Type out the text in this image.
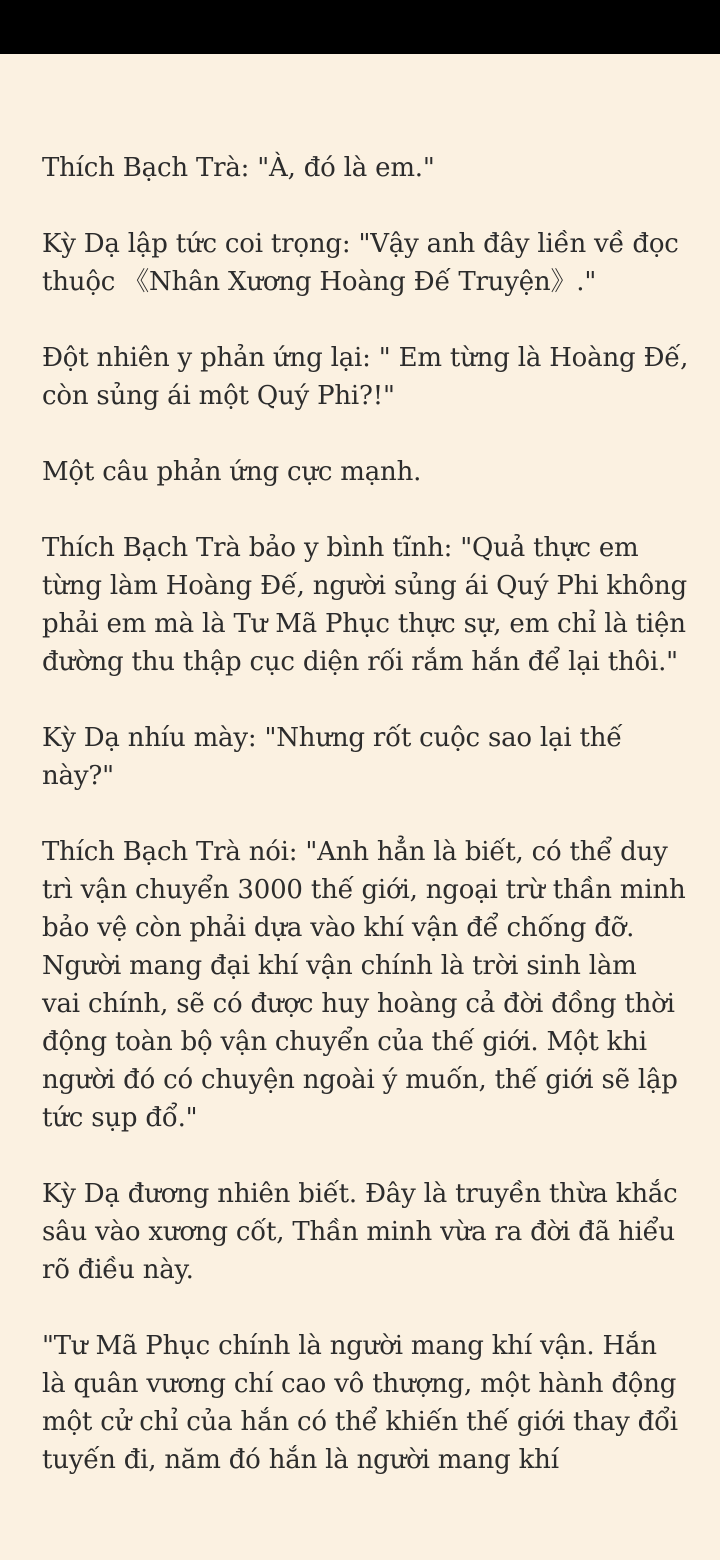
Thích Bạch Trà: "À, đó là em."

Kỳ Dạ lập tức coi trọng: "Vậy anh đây liền về đọc
thuộc 《Nhân Xương Hoàng Đế Truyện》."

Đột nhiên y phản ứng lại: " Em từng là Hoàng Đế,
còn sủng ái một Quý Phi?!"

Một câu phản ứng cực mạnh.

Thích Bạch Trà bảo y bình tĩnh: "Quả thực em
từng làm Hoàng Đế, người sủng ái Quý Phi không
phải em mà là Tư Mã Phục thực sự, em chỉ là tiện
đường thu thập cục diện rối rắm hắn để lại thôi."

Kỳ Dạ nhíu mày: "Nhưng rốt cuộc sao lại thế
này?"

Thích Bạch Trà nói: "Anh hẳn là biết, có thể duy
trì vận chuyển 3000 thế giới, ngoại trừ thần minh
bảo vệ còn phải dựa vào khí vận để chống đỡ.
Người mang đại khí vận chính là trời sinh làm
vai chính, sẽ có được huy hoàng cả đời đồng thời
động toàn bộ vận chuyển của thế giới. Một khi
người đó có chuyện ngoài ý muốn, thế giới sẽ lập
tức sụp đổ."

Kỳ Dạ đương nhiên biết. Đây là truyền thừa khắc
sâu vào xương cốt, Thần minh vừa ra đời đã hiểu
rõ điều này.

"Tư Mã Phục chính là người mang khí vận. Hắn
là quân vương chí cao vô thượng, một hành động
một cử chỉ của hắn có thể khiến thế giới thay đổi
tuyến đi, năm đó hắn là người mang khí
